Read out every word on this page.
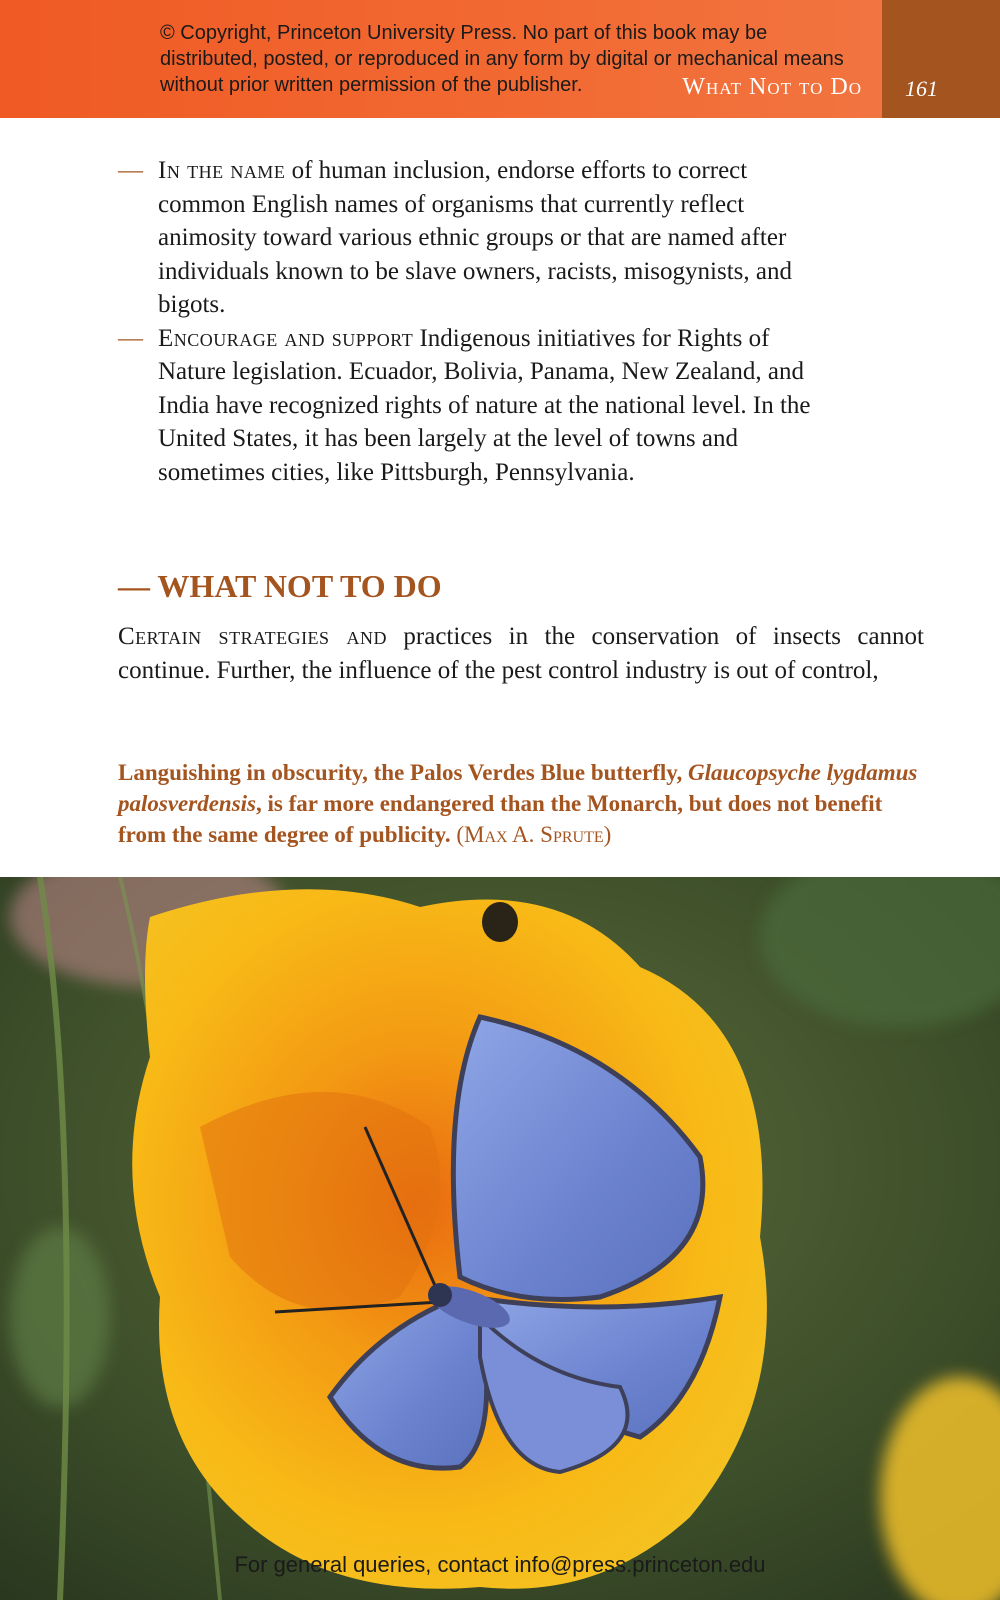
© Copyright, Princeton University Press. No part of this book may be distributed, posted, or reproduced in any form by digital or mechanical means without prior written permission of the publisher.	What Not to Do 161
— In the name of human inclusion, endorse efforts to correct common English names of organisms that currently reflect animosity toward various ethnic groups or that are named after individuals known to be slave owners, racists, misogynists, and bigots.
— Encourage and support Indigenous initiatives for Rights of Nature legislation. Ecuador, Bolivia, Panama, New Zealand, and India have recognized rights of nature at the national level. In the United States, it has been largely at the level of towns and sometimes cities, like Pittsburgh, Pennsylvania.
— WHAT NOT TO DO
Certain strategies and practices in the conservation of insects cannot continue. Further, the influence of the pest control industry is out of control,
Languishing in obscurity, the Palos Verdes Blue butterfly, Glaucopsyche lygdamus palosverdensis, is far more endangered than the Monarch, but does not benefit from the same degree of publicity. (Max A. Sprute)
For general queries, contact info@press.princeton.edu
